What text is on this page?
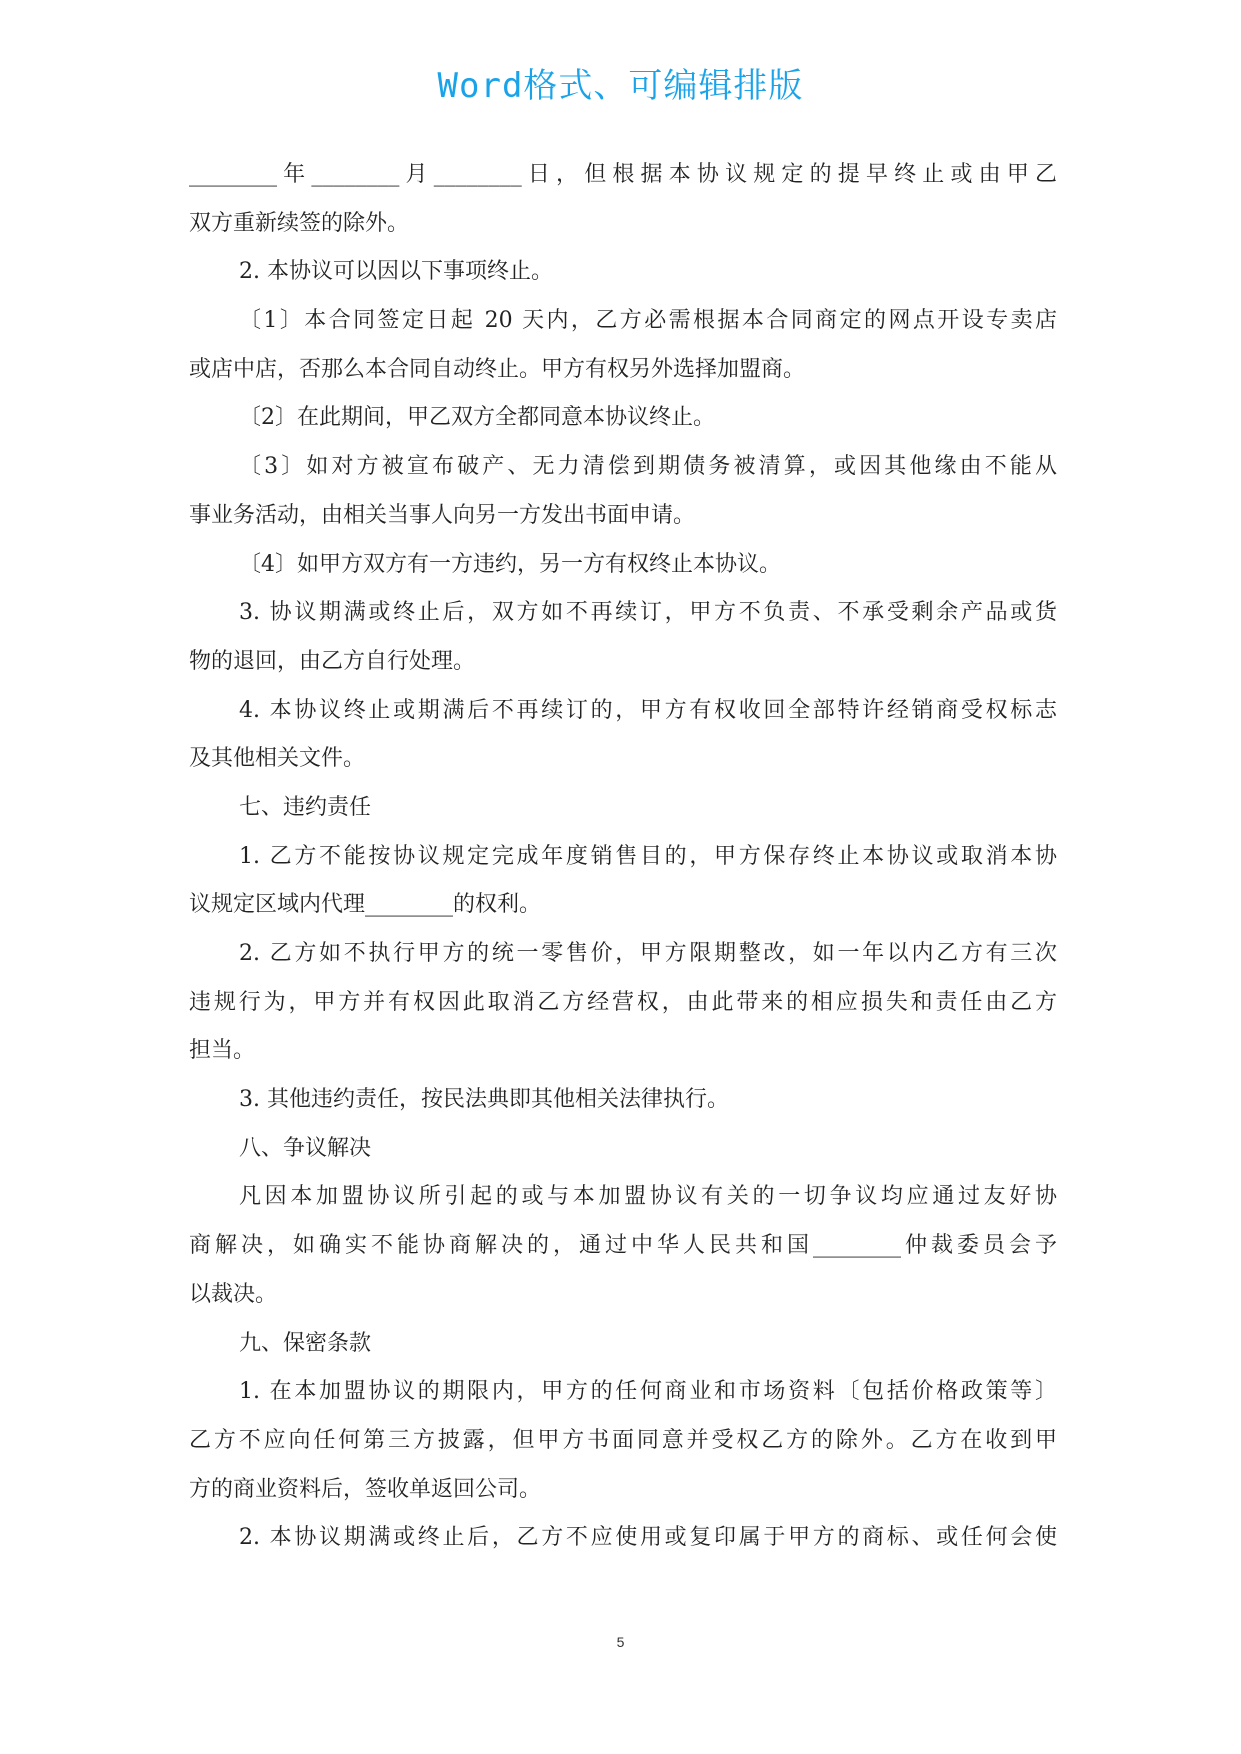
Word格式、可编辑排版
________年________月________日，但根据本协议规定的提早终止或由甲乙
双方重新续签的除外。
2. 本协议可以因以下事项终止。
〔1〕本合同签定日起 20 天内，乙方必需根据本合同商定的网点开设专卖店
或店中店，否那么本合同自动终止。甲方有权另外选择加盟商。
〔2〕在此期间，甲乙双方全都同意本协议终止。
〔3〕如对方被宣布破产、无力清偿到期债务被清算，或因其他缘由不能从
事业务活动，由相关当事人向另一方发出书面申请。
〔4〕如甲方双方有一方违约，另一方有权终止本协议。
3. 协议期满或终止后，双方如不再续订，甲方不负责、不承受剩余产品或货
物的退回，由乙方自行处理。
4. 本协议终止或期满后不再续订的，甲方有权收回全部特许经销商受权标志
及其他相关文件。
七、违约责任
1. 乙方不能按协议规定完成年度销售目的，甲方保存终止本协议或取消本协
议规定区域内代理________的权利。
2. 乙方如不执行甲方的统一零售价，甲方限期整改，如一年以内乙方有三次
违规行为，甲方并有权因此取消乙方经营权，由此带来的相应损失和责任由乙方
担当。
3. 其他违约责任，按民法典即其他相关法律执行。
八、争议解决
凡因本加盟协议所引起的或与本加盟协议有关的一切争议均应通过友好协
商解决，如确实不能协商解决的，通过中华人民共和国________仲裁委员会予
以裁决。
九、保密条款
1. 在本加盟协议的期限内，甲方的任何商业和市场资料〔包括价格政策等〕
乙方不应向任何第三方披露，但甲方书面同意并受权乙方的除外。乙方在收到甲
方的商业资料后，签收单返回公司。
2. 本协议期满或终止后，乙方不应使用或复印属于甲方的商标、或任何会使
5
